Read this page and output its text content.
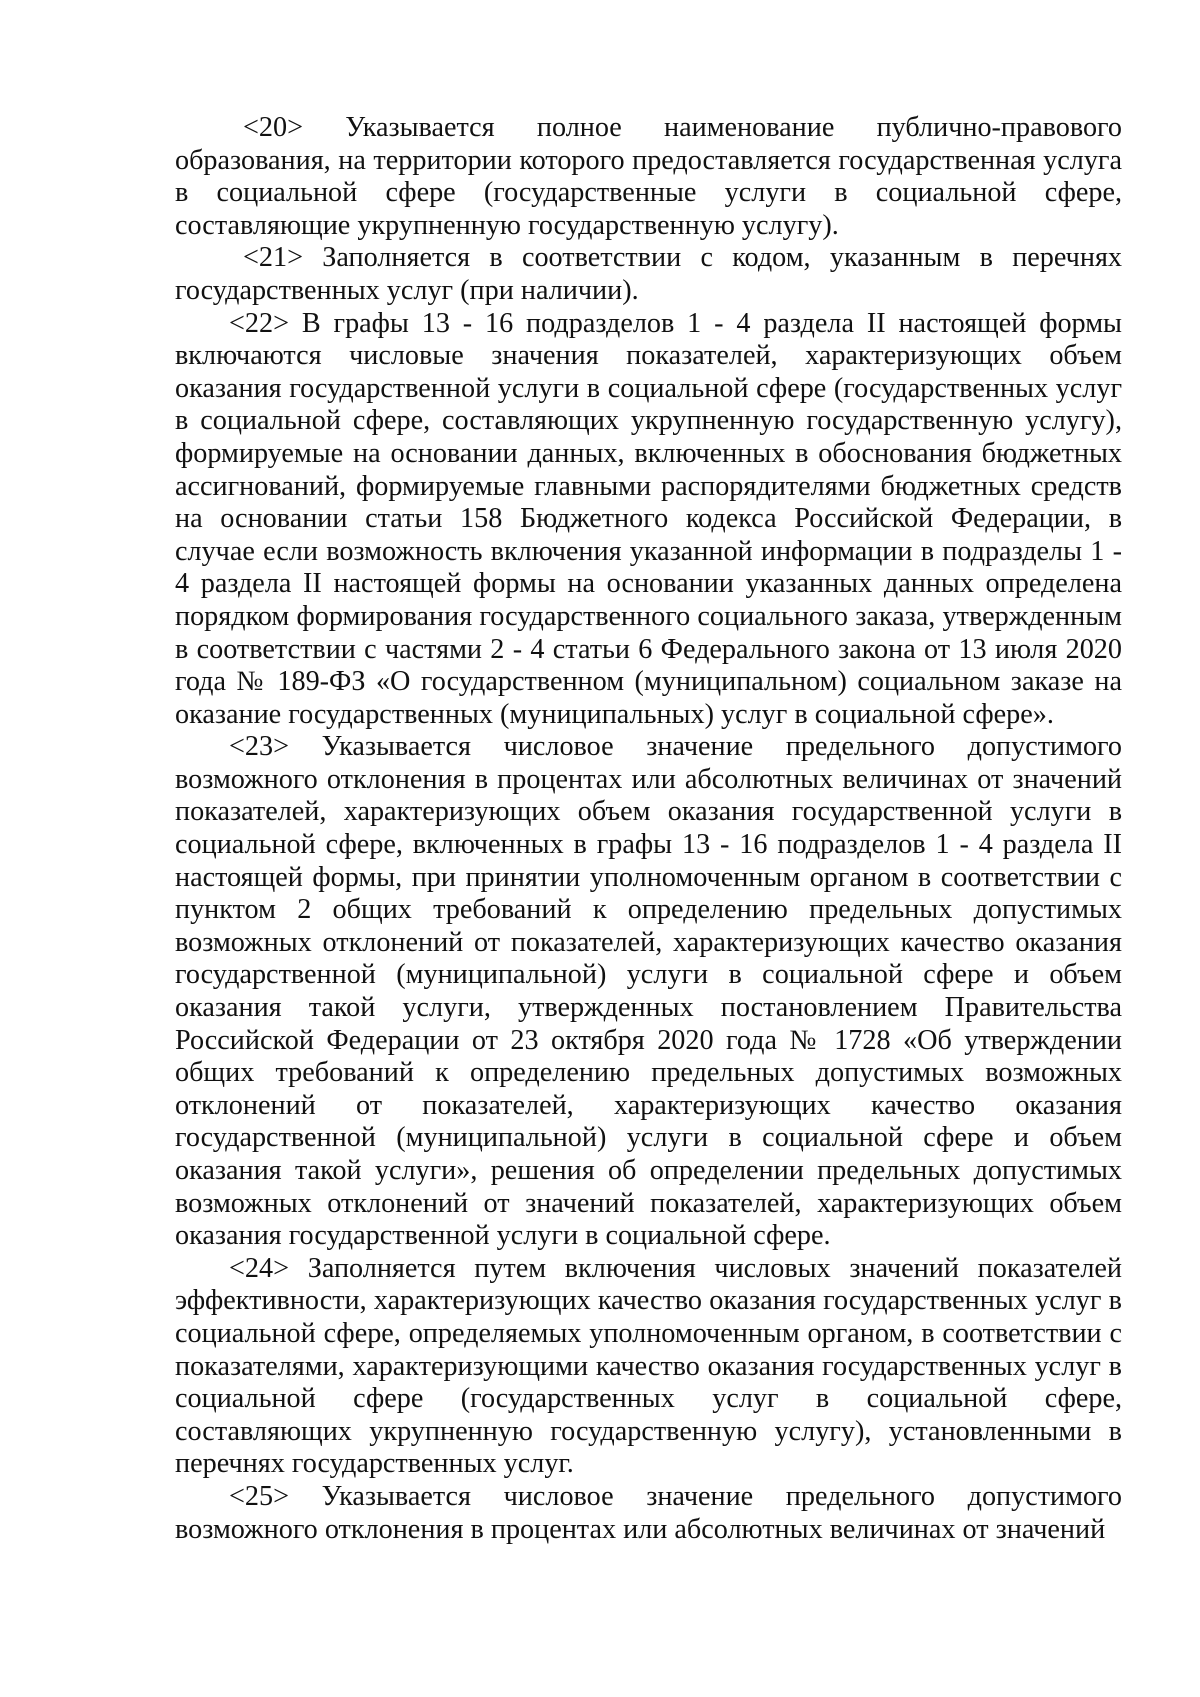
<20> Указывается полное наименование публично-правового образования, на территории которого предоставляется государственная услуга в социальной сфере (государственные услуги в социальной сфере, составляющие укрупненную государственную услугу).

<21> Заполняется в соответствии с кодом, указанным в перечнях государственных услуг (при наличии).

<22> В графы 13 - 16 подразделов 1 - 4 раздела II настоящей формы включаются числовые значения показателей, характеризующих объем оказания государственной услуги в социальной сфере (государственных услуг в социальной сфере, составляющих укрупненную государственную услугу), формируемые на основании данных, включенных в обоснования бюджетных ассигнований, формируемые главными распорядителями бюджетных средств на основании статьи 158 Бюджетного кодекса Российской Федерации, в случае если возможность включения указанной информации в подразделы 1 - 4 раздела II настоящей формы на основании указанных данных определена порядком формирования государственного социального заказа, утвержденным в соответствии с частями 2 - 4 статьи 6 Федерального закона от 13 июля 2020 года № 189-ФЗ «О государственном (муниципальном) социальном заказе на оказание государственных (муниципальных) услуг в социальной сфере».

<23> Указывается числовое значение предельного допустимого возможного отклонения в процентах или абсолютных величинах от значений показателей, характеризующих объем оказания государственной услуги в социальной сфере, включенных в графы 13 - 16 подразделов 1 - 4 раздела II настоящей формы, при принятии уполномоченным органом в соответствии с пунктом 2 общих требований к определению предельных допустимых возможных отклонений от показателей, характеризующих качество оказания государственной (муниципальной) услуги в социальной сфере и объем оказания такой услуги, утвержденных постановлением Правительства Российской Федерации от 23 октября 2020 года № 1728 «Об утверждении общих требований к определению предельных допустимых возможных отклонений от показателей, характеризующих качество оказания государственной (муниципальной) услуги в социальной сфере и объем оказания такой услуги», решения об определении предельных допустимых возможных отклонений от значений показателей, характеризующих объем оказания государственной услуги в социальной сфере.

<24> Заполняется путем включения числовых значений показателей эффективности, характеризующих качество оказания государственных услуг в социальной сфере, определяемых уполномоченным органом, в соответствии с показателями, характеризующими качество оказания государственных услуг в социальной сфере (государственных услуг в социальной сфере, составляющих укрупненную государственную услугу), установленными в перечнях государственных услуг.

<25> Указывается числовое значение предельного допустимого возможного отклонения в процентах или абсолютных величинах от значений
